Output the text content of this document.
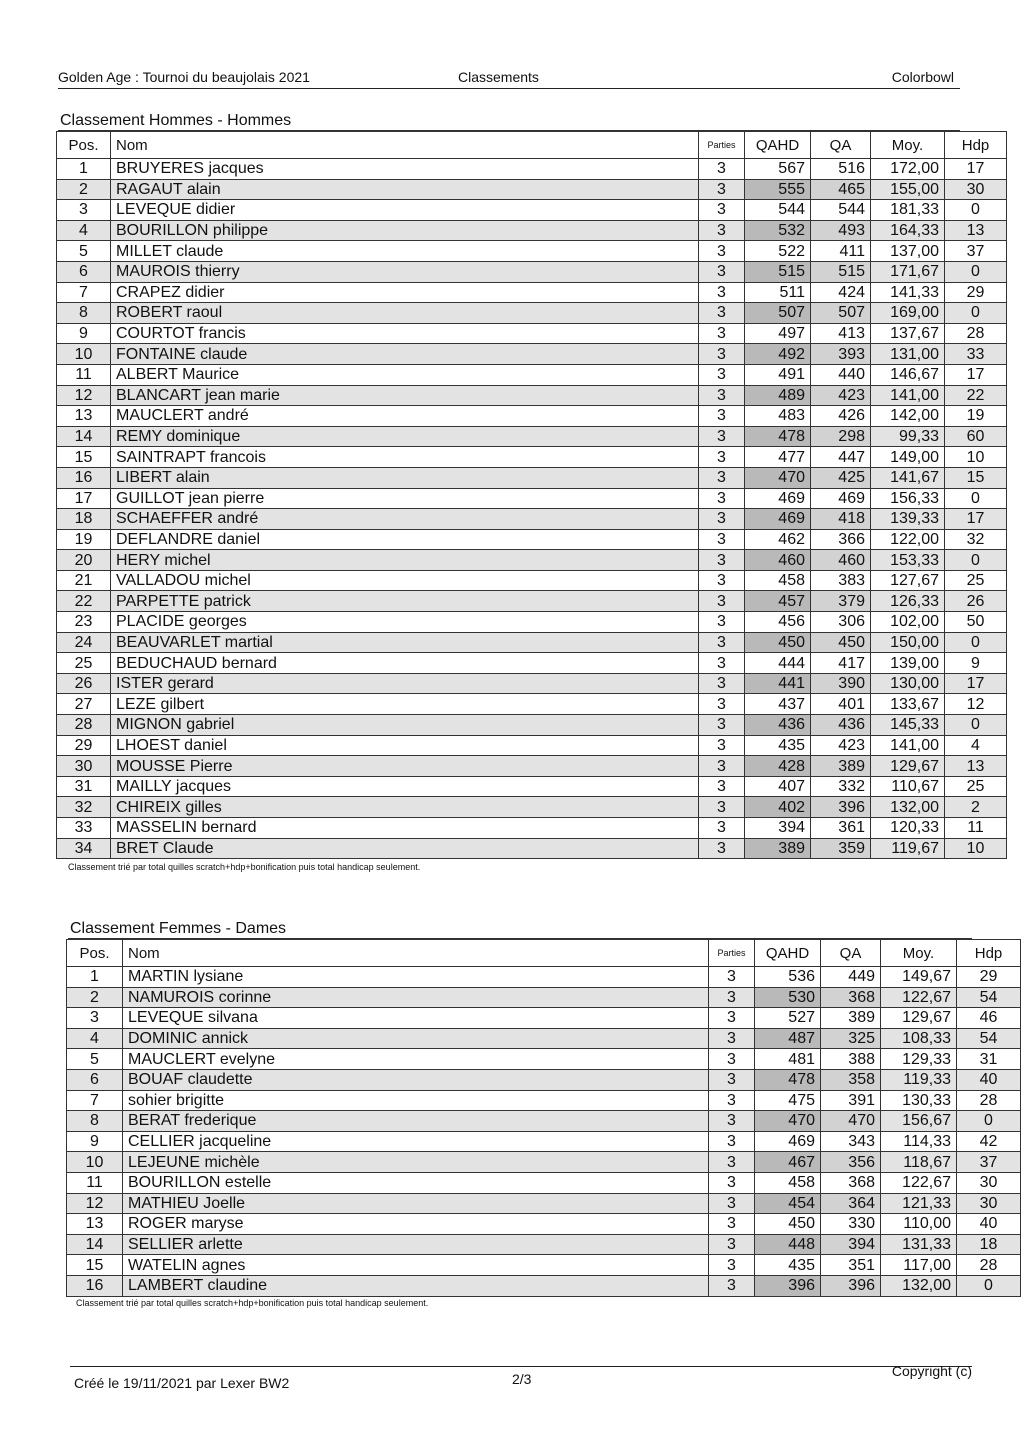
Golden Age : Tournoi du beaujolais 2021	Classements	Colorbowl
Classement Hommes - Hommes
Pos.	Nom	Parties	QAHD	QA	Moy.	Hdp
1	BRUYERES jacques	3	567	516	172,00	17
2	RAGAUT alain	3	555	465	155,00	30
3	LEVEQUE didier	3	544	544	181,33	0
4	BOURILLON philippe	3	532	493	164,33	13
5	MILLET claude	3	522	411	137,00	37
6	MAUROIS thierry	3	515	515	171,67	0
7	CRAPEZ didier	3	511	424	141,33	29
8	ROBERT raoul	3	507	507	169,00	0
9	COURTOT francis	3	497	413	137,67	28
10	FONTAINE claude	3	492	393	131,00	33
11	ALBERT Maurice	3	491	440	146,67	17
12	BLANCART jean marie	3	489	423	141,00	22
13	MAUCLERT andré	3	483	426	142,00	19
14	REMY dominique	3	478	298	99,33	60
15	SAINTRAPT francois	3	477	447	149,00	10
16	LIBERT alain	3	470	425	141,67	15
17	GUILLOT jean pierre	3	469	469	156,33	0
18	SCHAEFFER andré	3	469	418	139,33	17
19	DEFLANDRE daniel	3	462	366	122,00	32
20	HERY michel	3	460	460	153,33	0
21	VALLADOU michel	3	458	383	127,67	25
22	PARPETTE patrick	3	457	379	126,33	26
23	PLACIDE georges	3	456	306	102,00	50
24	BEAUVARLET martial	3	450	450	150,00	0
25	BEDUCHAUD bernard	3	444	417	139,00	9
26	ISTER gerard	3	441	390	130,00	17
27	LEZE gilbert	3	437	401	133,67	12
28	MIGNON gabriel	3	436	436	145,33	0
29	LHOEST daniel	3	435	423	141,00	4
30	MOUSSE Pierre	3	428	389	129,67	13
31	MAILLY jacques	3	407	332	110,67	25
32	CHIREIX gilles	3	402	396	132,00	2
33	MASSELIN bernard	3	394	361	120,33	11
34	BRET Claude	3	389	359	119,67	10
Classement trié par total quilles scratch+hdp+bonification puis total handicap seulement.
Classement Femmes - Dames
Pos.	Nom	Parties	QAHD	QA	Moy.	Hdp
1	MARTIN lysiane	3	536	449	149,67	29
2	NAMUROIS corinne	3	530	368	122,67	54
3	LEVEQUE silvana	3	527	389	129,67	46
4	DOMINIC annick	3	487	325	108,33	54
5	MAUCLERT evelyne	3	481	388	129,33	31
6	BOUAF claudette	3	478	358	119,33	40
7	sohier brigitte	3	475	391	130,33	28
8	BERAT frederique	3	470	470	156,67	0
9	CELLIER jacqueline	3	469	343	114,33	42
10	LEJEUNE michèle	3	467	356	118,67	37
11	BOURILLON estelle	3	458	368	122,67	30
12	MATHIEU Joelle	3	454	364	121,33	30
13	ROGER maryse	3	450	330	110,00	40
14	SELLIER arlette	3	448	394	131,33	18
15	WATELIN agnes	3	435	351	117,00	28
16	LAMBERT claudine	3	396	396	132,00	0
Classement trié par total quilles scratch+hdp+bonification puis total handicap seulement.
Créé le 19/11/2021 par Lexer BW2	2/3	Copyright (c)
